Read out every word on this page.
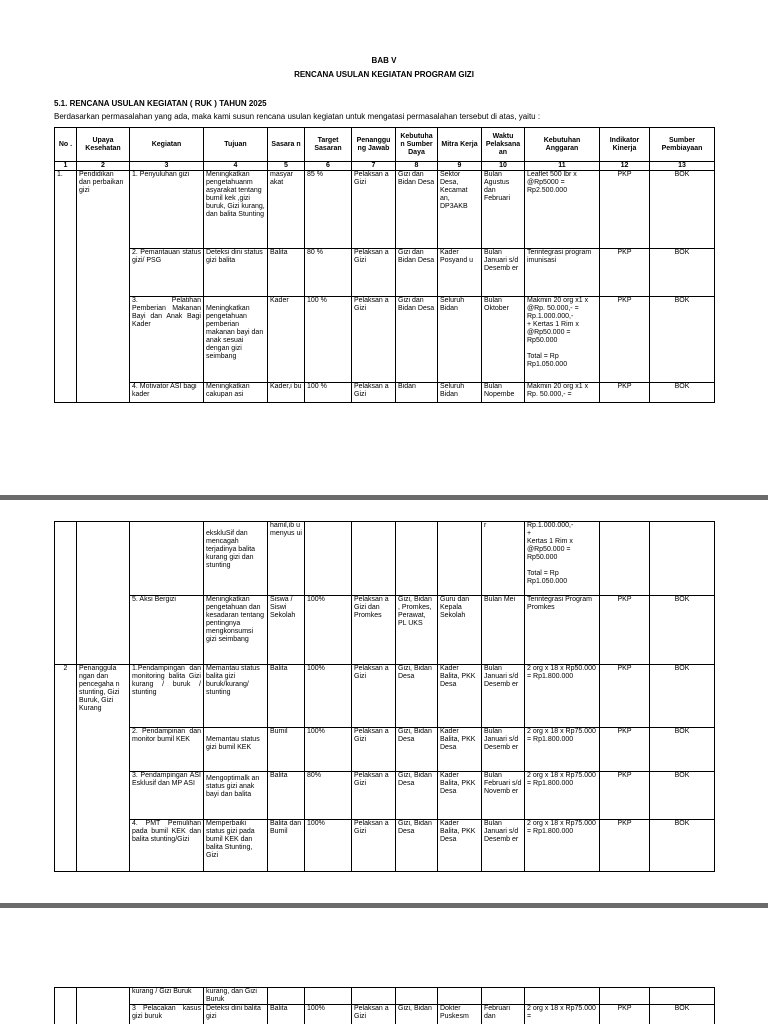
BAB V
RENCANA USULAN KEGIATAN PROGRAM GIZI
5.1. RENCANA USULAN KEGIATAN ( RUK ) TAHUN 2025
Berdasarkan permasalahan yang ada, maka kami susun rencana usulan kegiatan untuk mengatasi permasalahan tersebut di atas, yaitu :
No .	Upaya Kesehatan	Kegiatan	Tujuan	Sasara n	Target Sasaran	Penanggu ng Jawab	Kebutuha n Sumber Daya	Mitra Kerja	Waktu Pelaksana an	Kebutuhan Anggaran	Indikator Kinerja	Sumber Pembiayaan
1	2	3	4	5	6	7	8	9	10	11	12	13
1.	Pendidikan dan perbaikan gizi	1. Penyuluhan gizi	Meningkatkan pengetahuanm asyarakat tentang bumil kek ,gizi buruk, Gizi kurang, dan balita Stunting	masyar akat	85 %	Pelaksan a Gizi	Gizi dan Bidan Desa	Sektor Desa, Kecamat an, DP3AKB	Bulan Agustus dan Februari	Leaflet 500 lbr x @Rp5000 = Rp2.500.000	PKP	BOK
		2. Pemantauan status gizi/ PSG	Deteksi dini status gizi balita	Balita	80 %	Pelaksan a Gizi	Gizi dan Bidan Desa	Kader Posyand u	Bulan Januari s/d Desemb er	Terintegrasi program imunisasi	PKP	BOK
		3. Pelatihan Pemberian Makanan Bayi dan Anak Bagi Kader	Meningkatkan pengetahuan pemberian makanan bayi dan anak sesuai dengan gizi seimbang	Kader	100 %	Pelaksan a Gizi	Gizi dan Bidan Desa	Seluruh Bidan	Bulan Oktober	Makmin 20 org x1 x @Rp. 50.000,- = Rp.1.000.000,-
+ Kertas 1 Rim x @Rp50.000 = Rp50.000

Total = Rp Rp1.050.000	PKP	BOK
		4. Motivator ASI bagi kader	Meningkatkan cakupan asi	Kader,i bu	100 %	Pelaksan a Gizi	Bidan	Seluruh Bidan	Bulan Nopembe	Makmin 20 org x1 x Rp. 50.000,- =	PKP	BOK
			ekskluSif dan mencagah terjadinya balita kurang gizi dan stunting	hamil,ib u menyus ui					r	Rp.1.000.000,-
+
Kertas 1 Rim x @Rp50.000 = Rp50.000

Total = Rp Rp1.050.000		
		5. Aksi Bergizi	Meningkatkan pengetahuan dan kesadaran tentang pentingnya mengkonsumsi gizi seimbang	Siswa / Siswi Sekolah	100%	Pelaksan a Gizi dan Promkes	Gizi, Bidan , Promkes, Perawat, PL UKS	Guru dan Kepala Sekolah	Bulan Mei	Terintegrasi Program Promkes	PKP	BOK
2	Penanggula ngan dan pencegaha n stunting, Gizi Buruk, Gizi Kurang	1.Pendampingan dan monitoring balita Gizi kurang / buruk / stunting	Memantau status balita gizi buruk/kurang/ stunting	Balita	100%	Pelaksan a Gizi	Gizi, Bidan Desa	Kader Balita, PKK Desa	Bulan Januari s/d Desemb er	2 org x 18 x Rp50.000 = Rp1.800.000	PKP	BOK
		2. Pendampinan dan monitor bumil KEK	Memantau status gizi bumil KEK	Bumil	100%	Pelaksan a Gizi	Gizi, Bidan Desa	Kader Balita, PKK Desa	Bulan Januari s/d Desemb er	2 org x 18 x Rp75.000 = Rp1.800.000	PKP	BOK
		3. Pendampingan ASI Esklusif dan MP ASI	Mengoptimalk an status gizi anak bayi dan balita	Balita	80%	Pelaksan a Gizi	Gizi, Bidan Desa	Kader Balita, PKK Desa	Bulan Februari s/d Novemb er	2 org x 18 x Rp75.000 = Rp1.800.000	PKP	BOK
		4. PMT Pemulihan pada bumil KEK dan balita stunting/Gizi	Memperbaiki status gizi pada bumil KEK dan balita Stunting, Gizi	Balita dan Bumil	100%	Pelaksan a Gizi	Gizi, Bidan Desa	Kader Balita, PKK Desa	Bulan Januari s/d Desemb er	2 org x 18 x Rp75.000 = Rp1.800.000	PKP	BOK
		kurang / Gizi Buruk	kurang, dan Gizi Buruk									
		3 Pelacakan kasus gizi buruk	Deteksi dini balita gizi	Balita	100%	Pelaksan a Gizi	Gizi, Bidan	Dokter Puskesm	Februari dan	2 org x 18 x Rp75.000 =	PKP	BOK
